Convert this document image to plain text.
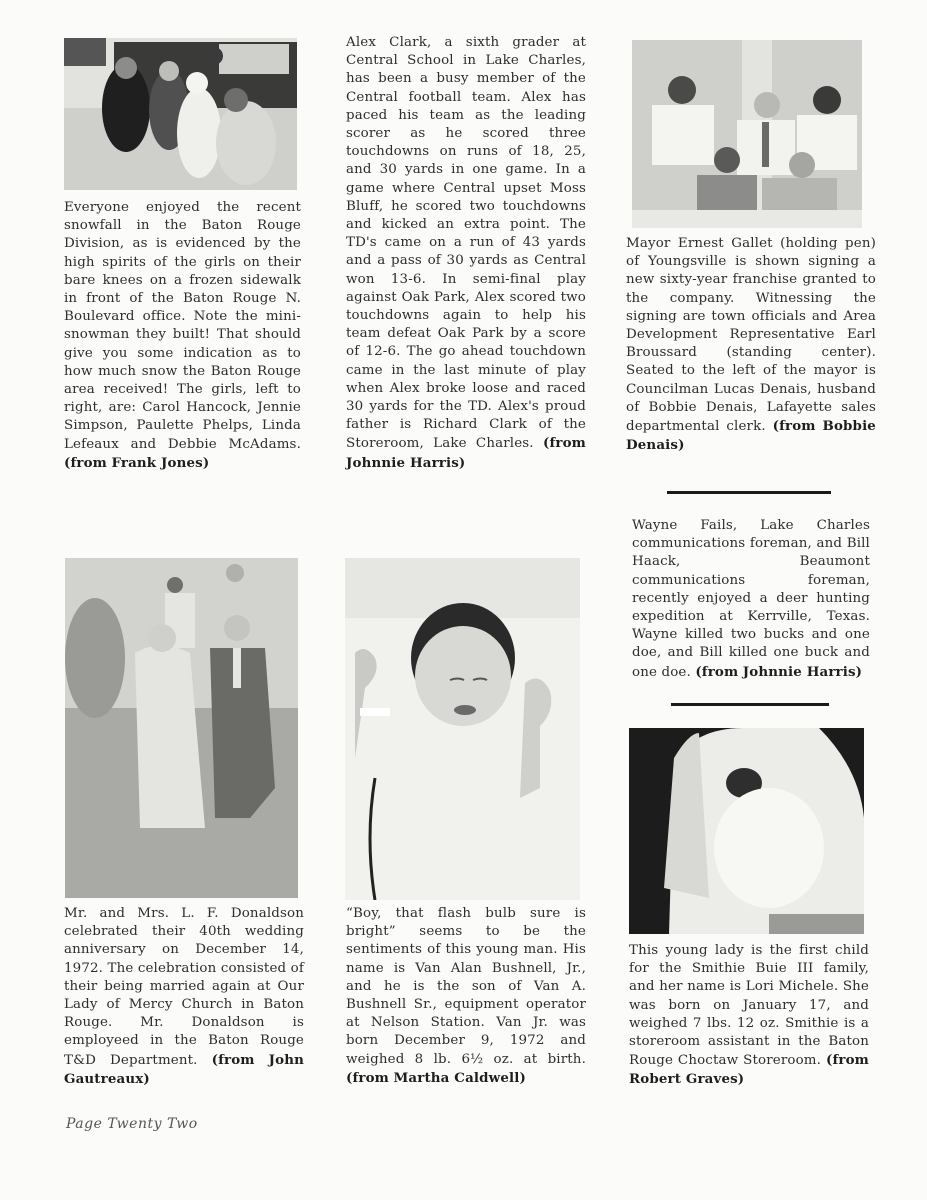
Everyone enjoyed the recent snowfall in the Baton Rouge Division, as is evidenced by the high spirits of the girls on their bare knees on a frozen sidewalk in front of the Baton Rouge N. Boulevard office. Note the mini-snowman they built! That should give you some indication as to how much snow the Baton Rouge area received! The girls, left to right, are: Carol Hancock, Jennie Simpson, Paulette Phelps, Linda Lefeaux and Debbie McAdams. (from Frank Jones)
Mr. and Mrs. L. F. Donaldson celebrated their 40th wedding anniversary on December 14, 1972. The celebration consisted of their being married again at Our Lady of Mercy Church in Baton Rouge. Mr. Donaldson is employeed in the Baton Rouge T&D Department. (from John Gautreaux)
Alex Clark, a sixth grader at Central School in Lake Charles, has been a busy member of the Central football team. Alex has paced his team as the leading scorer as he scored three touchdowns on runs of 18, 25, and 30 yards in one game. In a game where Central upset Moss Bluff, he scored two touchdowns and kicked an extra point. The TD's came on a run of 43 yards and a pass of 30 yards as Central won 13-6. In semi-final play against Oak Park, Alex scored two touchdowns again to help his team defeat Oak Park by a score of 12-6. The go ahead touchdown came in the last minute of play when Alex broke loose and raced 30 yards for the TD. Alex's proud father is Richard Clark of the Storeroom, Lake Charles. (from Johnnie Harris)
“Boy, that flash bulb sure is bright” seems to be the sentiments of this young man. His name is Van Alan Bushnell, Jr., and he is the son of Van A. Bushnell Sr., equipment operator at Nelson Station. Van Jr. was born December 9, 1972 and weighed 8 lb. 6½ oz. at birth. (from Martha Caldwell)
Mayor Ernest Gallet (holding pen) of Youngsville is shown signing a new sixty-year franchise granted to the company. Witnessing the signing are town officials and Area Development Representative Earl Broussard (standing center). Seated to the left of the mayor is Councilman Lucas Denais, husband of Bobbie Denais, Lafayette sales departmental clerk. (from Bobbie Denais)
Wayne Fails, Lake Charles communications foreman, and Bill Haack, Beaumont communications foreman, recently enjoyed a deer hunting expedition at Kerrville, Texas. Wayne killed two bucks and one doe, and Bill killed one buck and one doe. (from Johnnie Harris)
This young lady is the first child for the Smithie Buie III family, and her name is Lori Michele. She was born on January 17, and weighed 7 lbs. 12 oz. Smithie is a storeroom assistant in the Baton Rouge Choctaw Storeroom. (from Robert Graves)
Page Twenty Two
